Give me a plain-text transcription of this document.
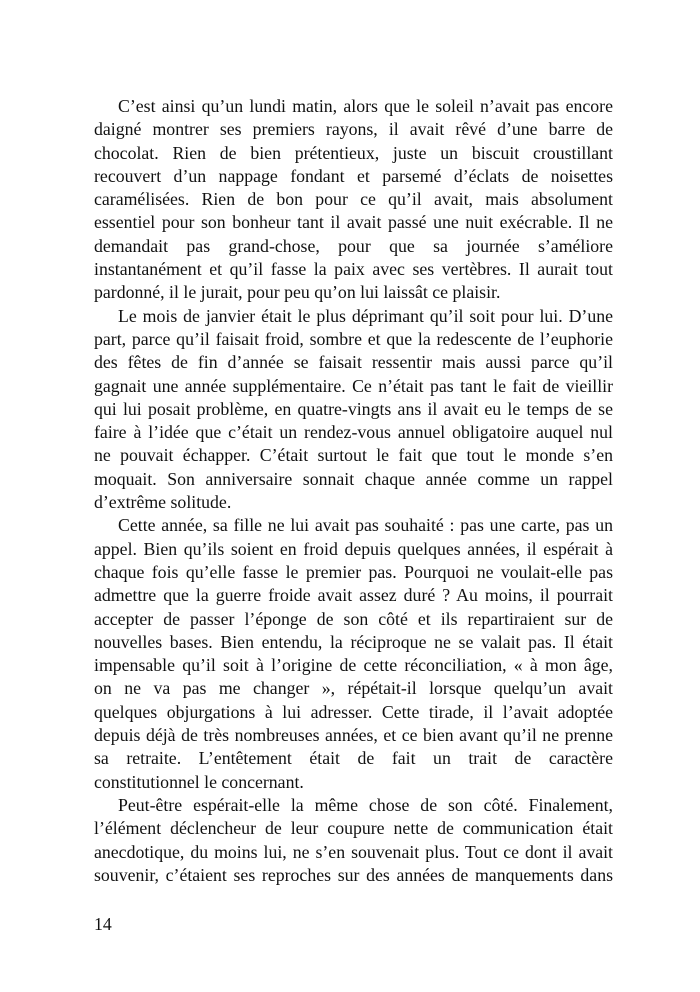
C’est ainsi qu’un lundi matin, alors que le soleil n’avait pas encore
daigné montrer ses premiers rayons, il avait rêvé d’une barre de
chocolat. Rien de bien prétentieux, juste un biscuit croustillant
recouvert d’un nappage fondant et parsemé d’éclats de noisettes
caramélisées. Rien de bon pour ce qu’il avait, mais absolument
essentiel pour son bonheur tant il avait passé une nuit exécrable. Il ne
demandait pas grand-chose, pour que sa journée s’améliore
instantanément et qu’il fasse la paix avec ses vertèbres. Il aurait tout
pardonné, il le jurait, pour peu qu’on lui laissât ce plaisir.
Le mois de janvier était le plus déprimant qu’il soit pour lui. D’une
part, parce qu’il faisait froid, sombre et que la redescente de l’euphorie
des fêtes de fin d’année se faisait ressentir mais aussi parce qu’il
gagnait une année supplémentaire. Ce n’était pas tant le fait de vieillir
qui lui posait problème, en quatre-vingts ans il avait eu le temps de se
faire à l’idée que c’était un rendez-vous annuel obligatoire auquel nul
ne pouvait échapper. C’était surtout le fait que tout le monde s’en
moquait. Son anniversaire sonnait chaque année comme un rappel
d’extrême solitude.
Cette année, sa fille ne lui avait pas souhaité : pas une carte, pas un
appel. Bien qu’ils soient en froid depuis quelques années, il espérait à
chaque fois qu’elle fasse le premier pas. Pourquoi ne voulait-elle pas
admettre que la guerre froide avait assez duré ? Au moins, il pourrait
accepter de passer l’éponge de son côté et ils repartiraient sur de
nouvelles bases. Bien entendu, la réciproque ne se valait pas. Il était
impensable qu’il soit à l’origine de cette réconciliation, « à mon âge,
on ne va pas me changer », répétait-il lorsque quelqu’un avait
quelques objurgations à lui adresser. Cette tirade, il l’avait adoptée
depuis déjà de très nombreuses années, et ce bien avant qu’il ne prenne
sa retraite. L’entêtement était de fait un trait de caractère
constitutionnel le concernant.
Peut-être espérait-elle la même chose de son côté. Finalement,
l’élément déclencheur de leur coupure nette de communication était
anecdotique, du moins lui, ne s’en souvenait plus. Tout ce dont il avait
souvenir, c’étaient ses reproches sur des années de manquements dans
14
